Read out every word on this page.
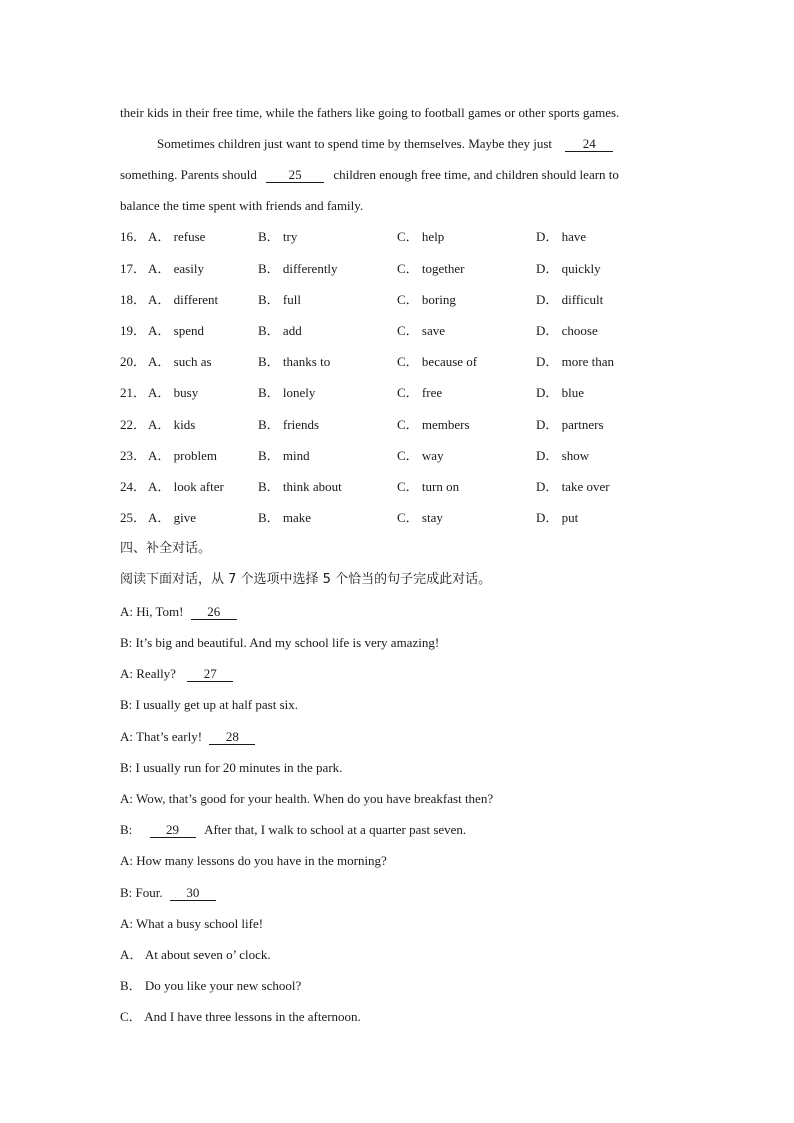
their kids in their free time, while the fathers like going to football games or other sports games.
Sometimes children just want to spend time by themselves. Maybe they just 24
something. Parents should 25 children enough free time, and children should learn to
balance the time spent with friends and family.
16． A． refuse	B． try	C． help	D． have
17． A． easily	B． differently	C． together	D． quickly
18． A． different	B． full	C． boring	D． difficult
19． A． spend	B． add	C． save	D． choose
20． A． such as	B． thanks to	C． because of	D． more than
21． A． busy	B． lonely	C． free	D． blue
22． A． kids	B． friends	C． members	D． partners
23． A． problem	B． mind	C． way	D． show
24． A． look after	B． think about	C． turn on	D． take over
25． A． give	B． make	C． stay	D． put
四、补全对话。
阅读下面对话，从 7 个选项中选择 5 个恰当的句子完成此对话。
A: Hi, Tom! 26
B: It’s big and beautiful. And my school life is very amazing!
A: Really? 27
B: I usually get up at half past six.
A: That’s early! 28
B: I usually run for 20 minutes in the park.
A: Wow, that’s good for your health. When do you have breakfast then?
B:	29 After that, I walk to school at a quarter past seven.
A: How many lessons do you have in the morning?
B: Four. 30
A: What a busy school life!
A． At about seven o’ clock.
B． Do you like your new school?
C． And I have three lessons in the afternoon.
